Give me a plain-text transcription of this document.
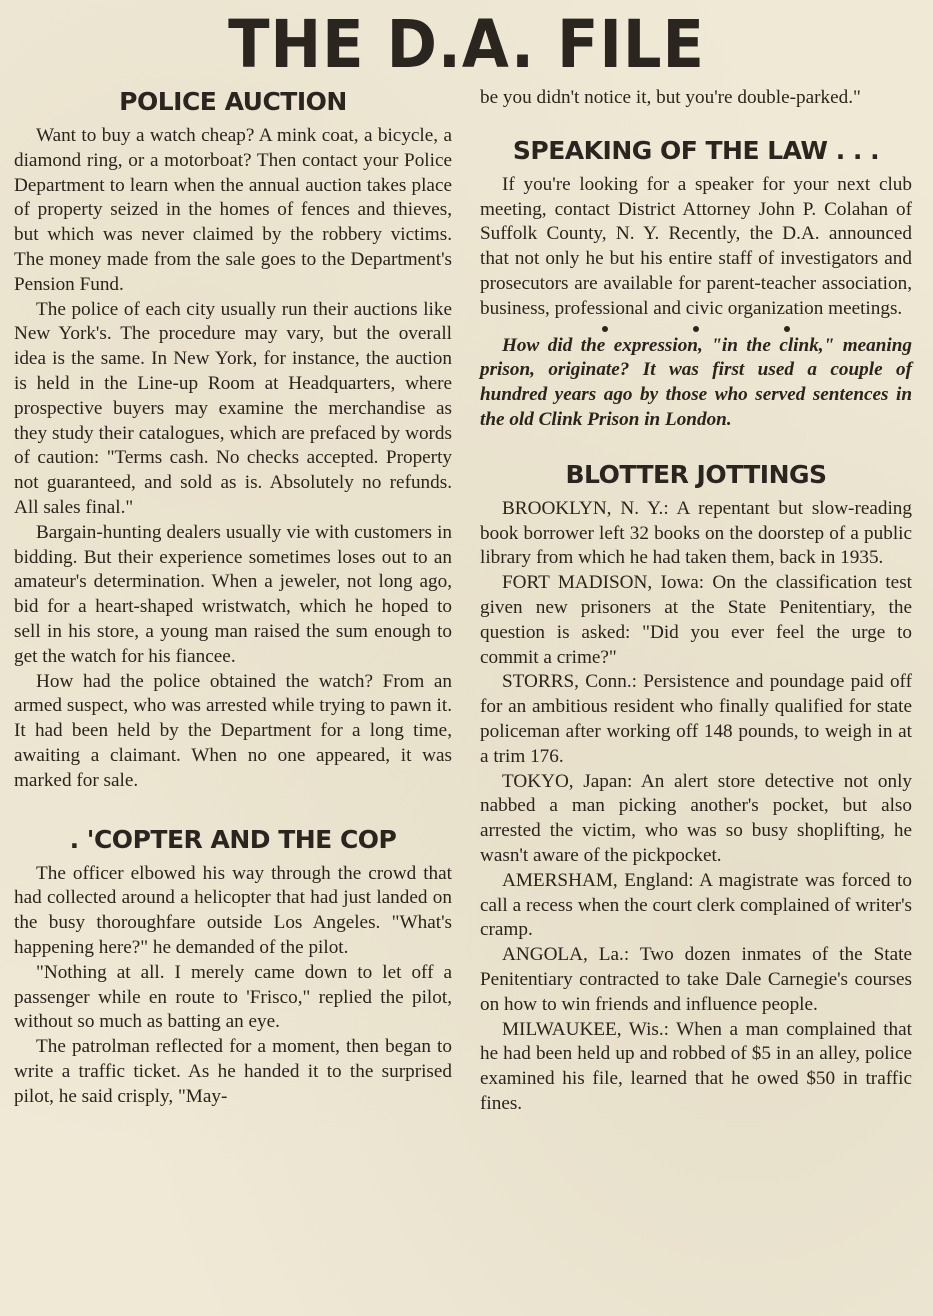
THE D.A. FILE
POLICE AUCTION

Want to buy a watch cheap? A mink coat, a bicycle, a diamond ring, or a motorboat? Then contact your Police Department to learn when the annual auction takes place of property seized in the homes of fences and thieves, but which was never claimed by the robbery victims. The money made from the sale goes to the Department's Pension Fund.

The police of each city usually run their auctions like New York's. The procedure may vary, but the overall idea is the same. In New York, for instance, the auction is held in the Line-up Room at Headquarters, where prospective buyers may examine the merchandise as they study their catalogues, which are prefaced by words of caution: "Terms cash. No checks accepted. Property not guaranteed, and sold as is. Absolutely no refunds. All sales final."

Bargain-hunting dealers usually vie with customers in bidding. But their experience sometimes loses out to an amateur's determination. When a jeweler, not long ago, bid for a heart-shaped wristwatch, which he hoped to sell in his store, a young man raised the sum enough to get the watch for his fiancee.

How had the police obtained the watch? From an armed suspect, who was arrested while trying to pawn it. It had been held by the Department for a long time, awaiting a claimant. When no one appeared, it was marked for sale.

. 'COPTER AND THE COP

The officer elbowed his way through the crowd that had collected around a helicopter that had just landed on the busy thoroughfare outside Los Angeles. "What's happening here?" he demanded of the pilot.

"Nothing at all. I merely came down to let off a passenger while en route to 'Frisco," replied the pilot, without so much as batting an eye.

The patrolman reflected for a moment, then began to write a traffic ticket. As he handed it to the surprised pilot, he said crisply, "May-

be you didn't notice it, but you're double-parked."

SPEAKING OF THE LAW . . .

If you're looking for a speaker for your next club meeting, contact District Attorney John P. Colahan of Suffolk County, N. Y. Recently, the D.A. announced that not only he but his entire staff of investigators and prosecutors are available for parent-teacher association, business, professional and civic organization meetings.

How did the expression, "in the clink," meaning prison, originate? It was first used a couple of hundred years ago by those who served sentences in the old Clink Prison in London.

BLOTTER JOTTINGS

BROOKLYN, N. Y.: A repentant but slow-reading book borrower left 32 books on the doorstep of a public library from which he had taken them, back in 1935.

FORT MADISON, Iowa: On the classification test given new prisoners at the State Penitentiary, the question is asked: "Did you ever feel the urge to commit a crime?"

STORRS, Conn.: Persistence and poundage paid off for an ambitious resident who finally qualified for state policeman after working off 148 pounds, to weigh in at a trim 176.

TOKYO, Japan: An alert store detective not only nabbed a man picking another's pocket, but also arrested the victim, who was so busy shoplifting, he wasn't aware of the pickpocket.

AMERSHAM, England: A magistrate was forced to call a recess when the court clerk complained of writer's cramp.

ANGOLA, La.: Two dozen inmates of the State Penitentiary contracted to take Dale Carnegie's courses on how to win friends and influence people.

MILWAUKEE, Wis.: When a man complained that he had been held up and robbed of $5 in an alley, police examined his file, learned that he owed $50 in traffic fines.
